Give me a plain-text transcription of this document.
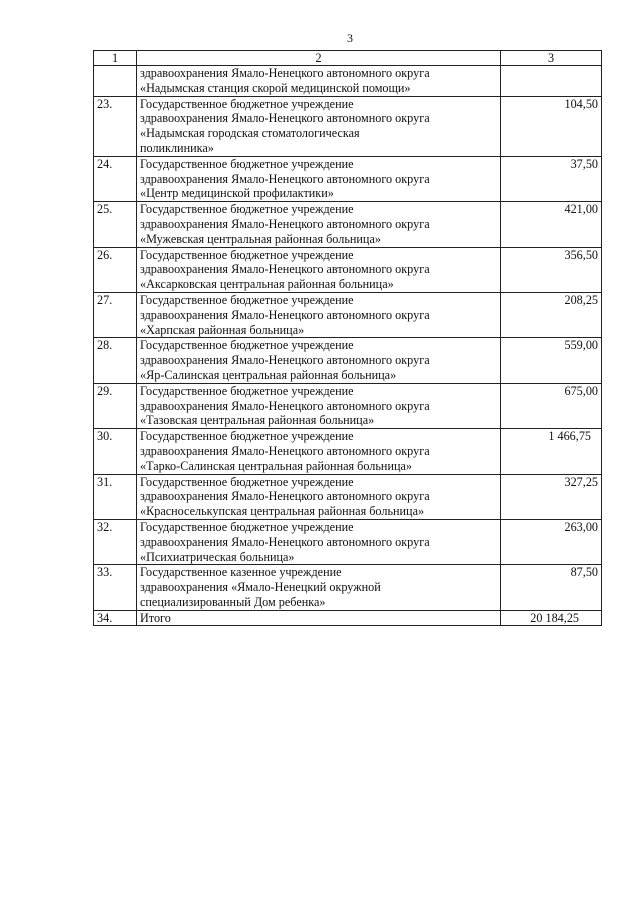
3
1	2	3

	здравоохранения Ямало-Ненецкого автономного округа
«Надымская станция скорой медицинской помощи»	

23.	Государственное бюджетное учреждение
здравоохранения Ямало-Ненецкого автономного округа
«Надымская городская стоматологическая
поликлиника»	104,50
24.	Государственное бюджетное учреждение
здравоохранения Ямало-Ненецкого автономного округа
«Центр медицинской профилактики»	37,50
25.	Государственное бюджетное учреждение
здравоохранения Ямало-Ненецкого автономного округа
«Мужевская центральная районная больница»	421,00
26.	Государственное бюджетное учреждение
здравоохранения Ямало-Ненецкого автономного округа
«Аксарковская центральная районная больница»	356,50
27.	Государственное бюджетное учреждение
здравоохранения Ямало-Ненецкого автономного округа
«Харпская районная больница»	208,25
28.	Государственное бюджетное учреждение
здравоохранения Ямало-Ненецкого автономного округа
«Яр-Салинская центральная районная больница»	559,00
29.	Государственное бюджетное учреждение
здравоохранения Ямало-Ненецкого автономного округа
«Тазовская центральная районная больница»	675,00
30.	Государственное бюджетное учреждение
здравоохранения Ямало-Ненецкого автономного округа
«Тарко-Салинская центральная районная больница»	1 466,75
31.	Государственное бюджетное учреждение
здравоохранения Ямало-Ненецкого автономного округа
«Красноселькупская центральная районная больница»	327,25
32.	Государственное бюджетное учреждение
здравоохранения Ямало-Ненецкого автономного округа
«Психиатрическая больница»	263,00
33.	Государственное казенное учреждение
здравоохранения «Ямало-Ненецкий окружной
специализированный Дом ребенка»	87,50
34.	Итого	20 184,25
